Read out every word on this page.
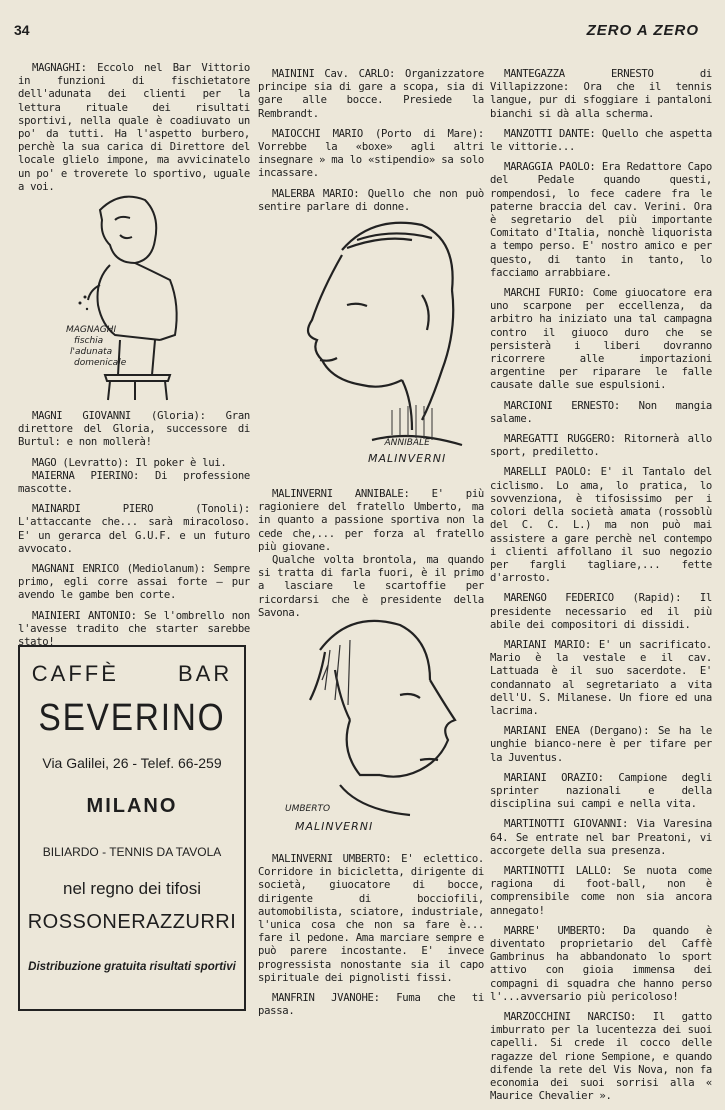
34	ZERO A ZERO

MAGNAGHI: Eccolo nel Bar Vittorio in funzioni di fischietatore dell'adunata dei clienti per la lettura rituale dei risultati sportivi, nella quale è coadiuvato un po' da tutti. Ha l'aspetto burbero, perchè la sua carica di Direttore del locale glielo impone, ma avvicinatelo un po' e troverete lo sportivo, uguale a voi.

MAGNAGHI
fischia
l'adunata
domenicale

MAGNI GIOVANNI (Gloria): Gran direttore del Gloria, successore di Burtul: e non mollerà!

MAGO (Levratto): Il poker è lui.

MAIERNA PIERINO: Di professione mascotte.

MAINARDI PIERO (Tonoli): L'attaccante che... sarà miracoloso. E' un gerarca del G.U.F. e un futuro avvocato.

MAGNANI ENRICO (Mediolanum): Sempre primo, egli corre assai forte — pur avendo le gambe ben corte.

MAINIERI ANTONIO: Se l'ombrello non l'avesse tradito che starter sarebbe stato!

CAFFÈ BAR
SEVERINO
Via Galilei, 26 - Telef. 66-259
MILANO
BILIARDO - TENNIS DA TAVOLA
nel regno dei tifosi
ROSSONERAZZURRI
Distribuzione gratuita risultati sportivi

MAININI Cav. CARLO: Organizzatore principe sia di gare a scopa, sia di gare alle bocce. Presiede la Rembrandt.

MAIOCCHI MARIO (Porto di Mare): Vorrebbe la «boxe» agli altri insegnare » ma lo «stipendio» sa solo incassare.

MALERBA MARIO: Quello che non può sentire parlare di donne.

ANNIBALE
MALINVERNI

MALINVERNI ANNIBALE: E' più ragioniere del fratello Umberto, ma in quanto a passione sportiva non la cede che,... per forza al fratello più giovane.

Qualche volta brontola, ma quando si tratta di farla fuori, è il primo a lasciare le scartoffie per ricordarsi che è presidente della Savona.

UMBERTO
MALINVERNI

MALINVERNI UMBERTO: E' eclettico. Corridore in bicicletta, dirigente di società, giuocatore di bocce, dirigente di bocciofili, automobilista, sciatore, industriale, l'unica cosa che non sa fare è... fare il pedone. Ama marciare sempre e può parere incostante. E' invece progressista nonostante sia il capo spirituale dei pignolisti fissi.

MANFRIN JVANOHE: Fuma che ti passa.

MANTEGAZZA ERNESTO di Villapizzone: Ora che il tennis langue, pur di sfoggiare i pantaloni bianchi si dà alla scherma.

MANZOTTI DANTE: Quello che aspetta le vittorie...

MARAGGIA PAOLO: Era Redattore Capo del Pedale quando questi, rompendosi, lo fece cadere fra le paterne braccia del cav. Verini. Ora è segretario del più importante Comitato d'Italia, nonchè liquorista a tempo perso. E' nostro amico e per questo, di tanto in tanto, lo facciamo arrabbiare.

MARCHI FURIO: Come giuocatore era uno scarpone per eccellenza, da arbitro ha iniziato una tal campagna contro il giuoco duro che se persisterà i liberi dovranno ricorrere alle importazioni argentine per riparare le falle causate dalle sue espulsioni.

MARCIONI ERNESTO: Non mangia salame.

MAREGATTI RUGGERO: Ritornerà allo sport, prediletto.

MARELLI PAOLO: E' il Tantalo del ciclismo. Lo ama, lo pratica, lo sovvenziona, è tifosissimo per i colori della società amata (rossoblù del C. C. L.) ma non può mai assistere a gare perchè nel contempo i clienti affollano il suo negozio per fargli tagliare,... fette d'arrosto.

MARENGO FEDERICO (Rapid): Il presidente necessario ed il più abile dei compositori di dissidi.

MARIANI MARIO: E' un sacrificato. Mario è la vestale e il cav. Lattuada è il suo sacerdote. E' condannato al segretariato a vita dell'U. S. Milanese. Un fiore ed una lacrima.

MARIANI ENEA (Dergano): Se ha le unghie bianco-nere è per tifare per la Juventus.

MARIANI ORAZIO: Campione degli sprinter nazionali e della disciplina sui campi e nella vita.

MARTINOTTI GIOVANNI: Via Varesina 64. Se entrate nel bar Preatoni, vi accorgete della sua presenza.

MARTINOTTI LALLO: Se nuota come ragiona di foot-ball, non è comprensibile come non sia ancora annegato!

MARRE' UMBERTO: Da quando è diventato proprietario del Caffè Gambrinus ha abbandonato lo sport attivo con gioia immensa dei compagni di squadra che hanno perso l'...avversario più pericoloso!

MARZOCCHINI NARCISO: Il gatto imburrato per la lucentezza dei suoi capelli. Si crede il cocco delle ragazze del rione Sempione, e quando difende la rete del Vis Nova, non fa economia dei suoi sorrisi alla « Maurice Chevalier ».
